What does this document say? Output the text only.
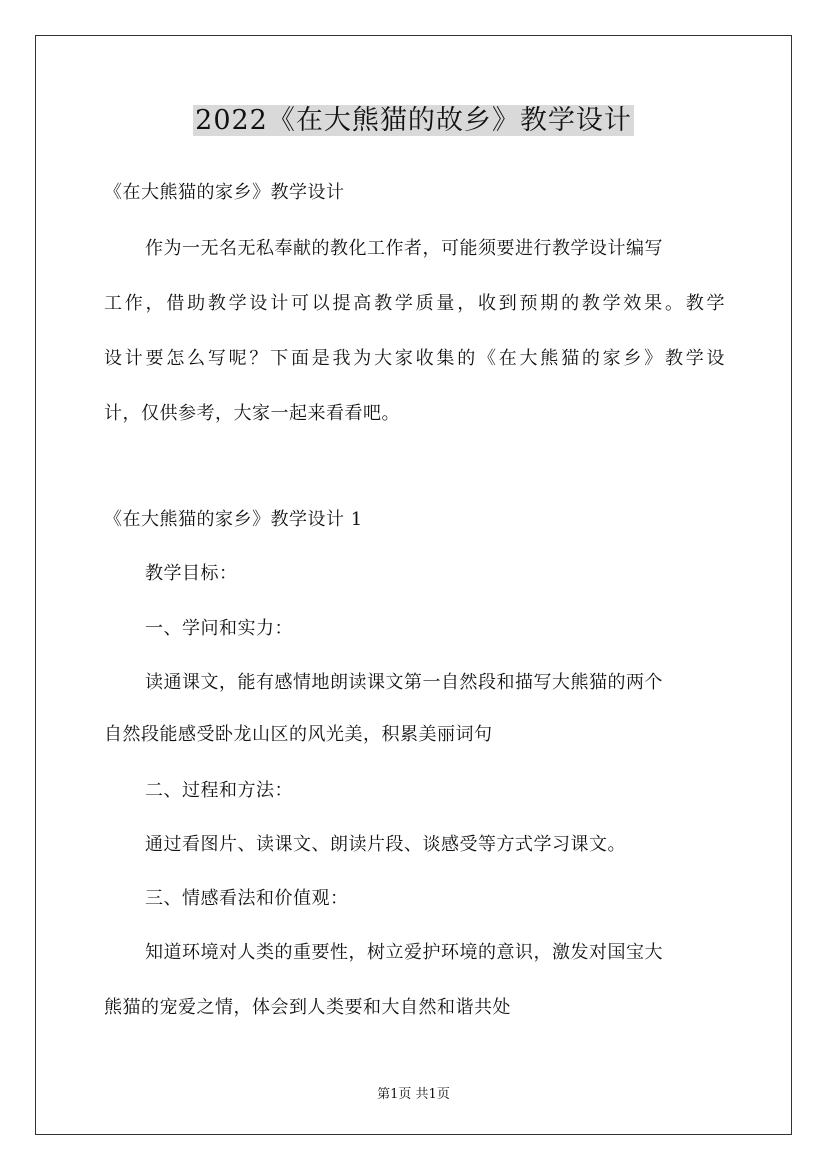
2022《在大熊猫的故乡》教学设计
《在大熊猫的家乡》教学设计
作为一无名无私奉献的教化工作者，可能须要进行教学设计编写
工作，借助教学设计可以提高教学质量，收到预期的教学效果。教学
设计要怎么写呢？下面是我为大家收集的《在大熊猫的家乡》教学设
计，仅供参考，大家一起来看看吧。
《在大熊猫的家乡》教学设计 1
教学目标：
一、学问和实力：
读通课文，能有感情地朗读课文第一自然段和描写大熊猫的两个
自然段能感受卧龙山区的风光美，积累美丽词句
二、过程和方法：
通过看图片、读课文、朗读片段、谈感受等方式学习课文。
三、情感看法和价值观：
知道环境对人类的重要性，树立爱护环境的意识，激发对国宝大
熊猫的宠爱之情，体会到人类要和大自然和谐共处
第1页 共1页
